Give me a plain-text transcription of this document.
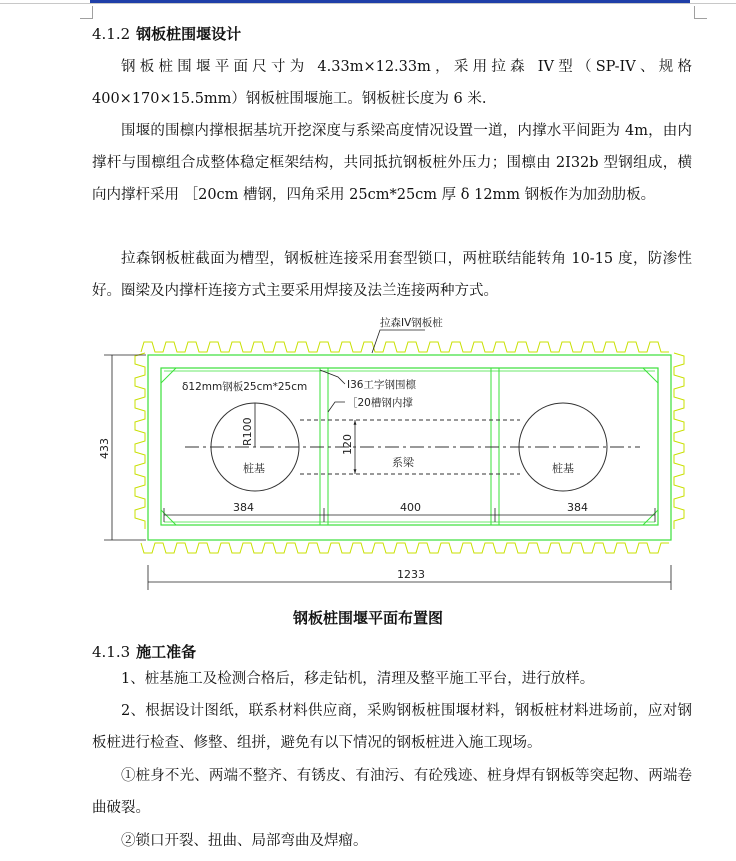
4.1.2 钢板桩围堰设计
钢板桩围堰平面尺寸为 4.33m×12.33m，采用拉森 IV型（SP-IV、规格 400×170×15.5mm）钢板桩围堰施工。钢板桩长度为 6 米.
围堰的围檩内撑根据基坑开挖深度与系梁高度情况设置一道，内撑水平间距为 4m，由内撑杆与围檩组合成整体稳定框架结构，共同抵抗钢板桩外压力；围檩由 2I32b 型钢组成，横向内撑杆采用 ［20cm 槽钢，四角采用 25cm*25cm 厚 δ 12mm 钢板作为加劲肋板。
拉森钢板桩截面为槽型，钢板桩连接采用套型锁口，两桩联结能转角 10-15 度，防渗性好。圈梁及内撑杆连接方式主要采用焊接及法兰连接两种方式。
拉森IV钢板桩
δ12mm钢板25cm*25cm	Ⅰ36工字钢围檩
［20槽钢内撑
R100	120
系梁
桩基	桩基
384	400	384
1233
433
钢板桩围堰平面布置图
4.1.3 施工准备
1、桩基施工及检测合格后，移走钻机，清理及整平施工平台，进行放样。
2、根据设计图纸，联系材料供应商，采购钢板桩围堰材料，钢板桩材料进场前，应对钢板桩进行检查、修整、组拼，避免有以下情况的钢板桩进入施工现场。
①桩身不光、两端不整齐、有锈皮、有油污、有砼残迹、桩身焊有钢板等突起物、两端卷曲破裂。
②锁口开裂、扭曲、局部弯曲及焊瘤。
